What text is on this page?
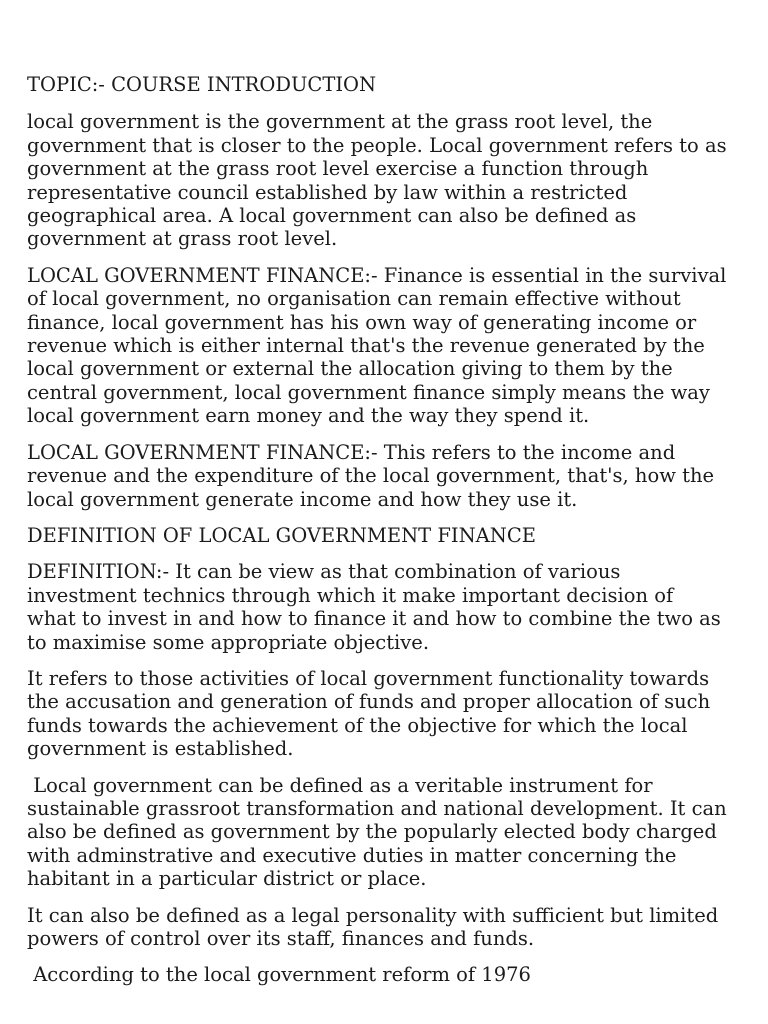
TOPIC:- COURSE INTRODUCTION

local government is the government at the grass root level, the government that is closer to the people. Local government refers to as government at the grass root level exercise a function through representative council established by law within a restricted geographical area. A local government can also be defined as government at grass root level.

LOCAL GOVERNMENT FINANCE:- Finance is essential in the survival of local government, no organisation can remain effective without finance, local government has his own way of generating income or revenue which is either internal that's the revenue generated by the local government or external the allocation giving to them by the central government, local government finance simply means the way local government earn money and the way they spend it.

LOCAL GOVERNMENT FINANCE:- This refers to the income and revenue and the expenditure of the local government, that's, how the local government generate income and how they use it.

DEFINITION OF LOCAL GOVERNMENT FINANCE

DEFINITION:- It can be view as that combination of various investment technics through which it make important decision of what to invest in and how to finance it and how to combine the two as to maximise some appropriate objective.

It refers to those activities of local government functionality towards the accusation and generation of funds and proper allocation of such funds towards the achievement of the objective for which the local government is established.

Local government can be defined as a veritable instrument for sustainable grassroot transformation and national development. It can also be defined as government by the popularly elected body charged with adminstrative and executive duties in matter concerning the habitant in a particular district or place.

It can also be defined as a legal personality with sufficient but limited powers of control over its staff, finances and funds.

According to the local government reform of 1976
